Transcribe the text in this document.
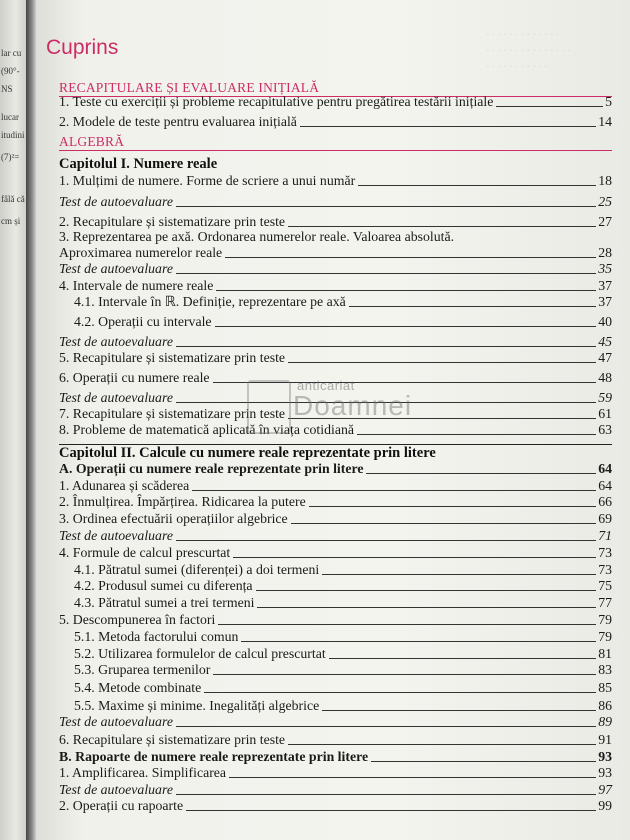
lar cu
(90°-
NS
lucar
itudini
(7)²=
fâlă că
cm și
· · · · · · · · · · · · ·
· · · · · · · · · · · · · · ·
· · · · · · · · · · ·
Cuprins
RECAPITULARE ȘI EVALUARE INIȚIALĂ
1. Teste cu exerciții și probleme recapitulative pentru pregătirea testării inițiale	5
2. Modele de teste pentru evaluarea inițială	14
ALGEBRĂ
Capitolul I. Numere reale
1. Mulțimi de numere. Forme de scriere a unui număr	18
Test de autoevaluare	25
2. Recapitulare și sistematizare prin teste	27
3. Reprezentarea pe axă. Ordonarea numerelor reale. Valoarea absolută.
Aproximarea numerelor reale	28
Test de autoevaluare	35
4. Intervale de numere reale	37
4.1. Intervale în ℝ. Definiție, reprezentare pe axă	37
4.2. Operații cu intervale	40
Test de autoevaluare	45
5. Recapitulare și sistematizare prin teste	47
6. Operații cu numere reale	48
Test de autoevaluare	59
7. Recapitulare și sistematizare prin teste	61
8. Probleme de matematică aplicată în viața cotidiană	63
Capitolul II. Calcule cu numere reale reprezentate prin litere
A. Operații cu numere reale reprezentate prin litere	64
1. Adunarea și scăderea	64
2. Înmulțirea. Împărțirea. Ridicarea la putere	66
3. Ordinea efectuării operațiilor algebrice	69
Test de autoevaluare	71
4. Formule de calcul prescurtat	73
4.1. Pătratul sumei (diferenței) a doi termeni	73
4.2. Produsul sumei cu diferența	75
4.3. Pătratul sumei a trei termeni	77
5. Descompunerea în factori	79
5.1. Metoda factorului comun	79
5.2. Utilizarea formulelor de calcul prescurtat	81
5.3. Gruparea termenilor	83
5.4. Metode combinate	85
5.5. Maxime și minime. Inegalități algebrice	86
Test de autoevaluare	89
6. Recapitulare și sistematizare prin teste	91
B. Rapoarte de numere reale reprezentate prin litere	93
1. Amplificarea. Simplificarea	93
Test de autoevaluare	97
2. Operații cu rapoarte	99
anticariat
Doamnei
